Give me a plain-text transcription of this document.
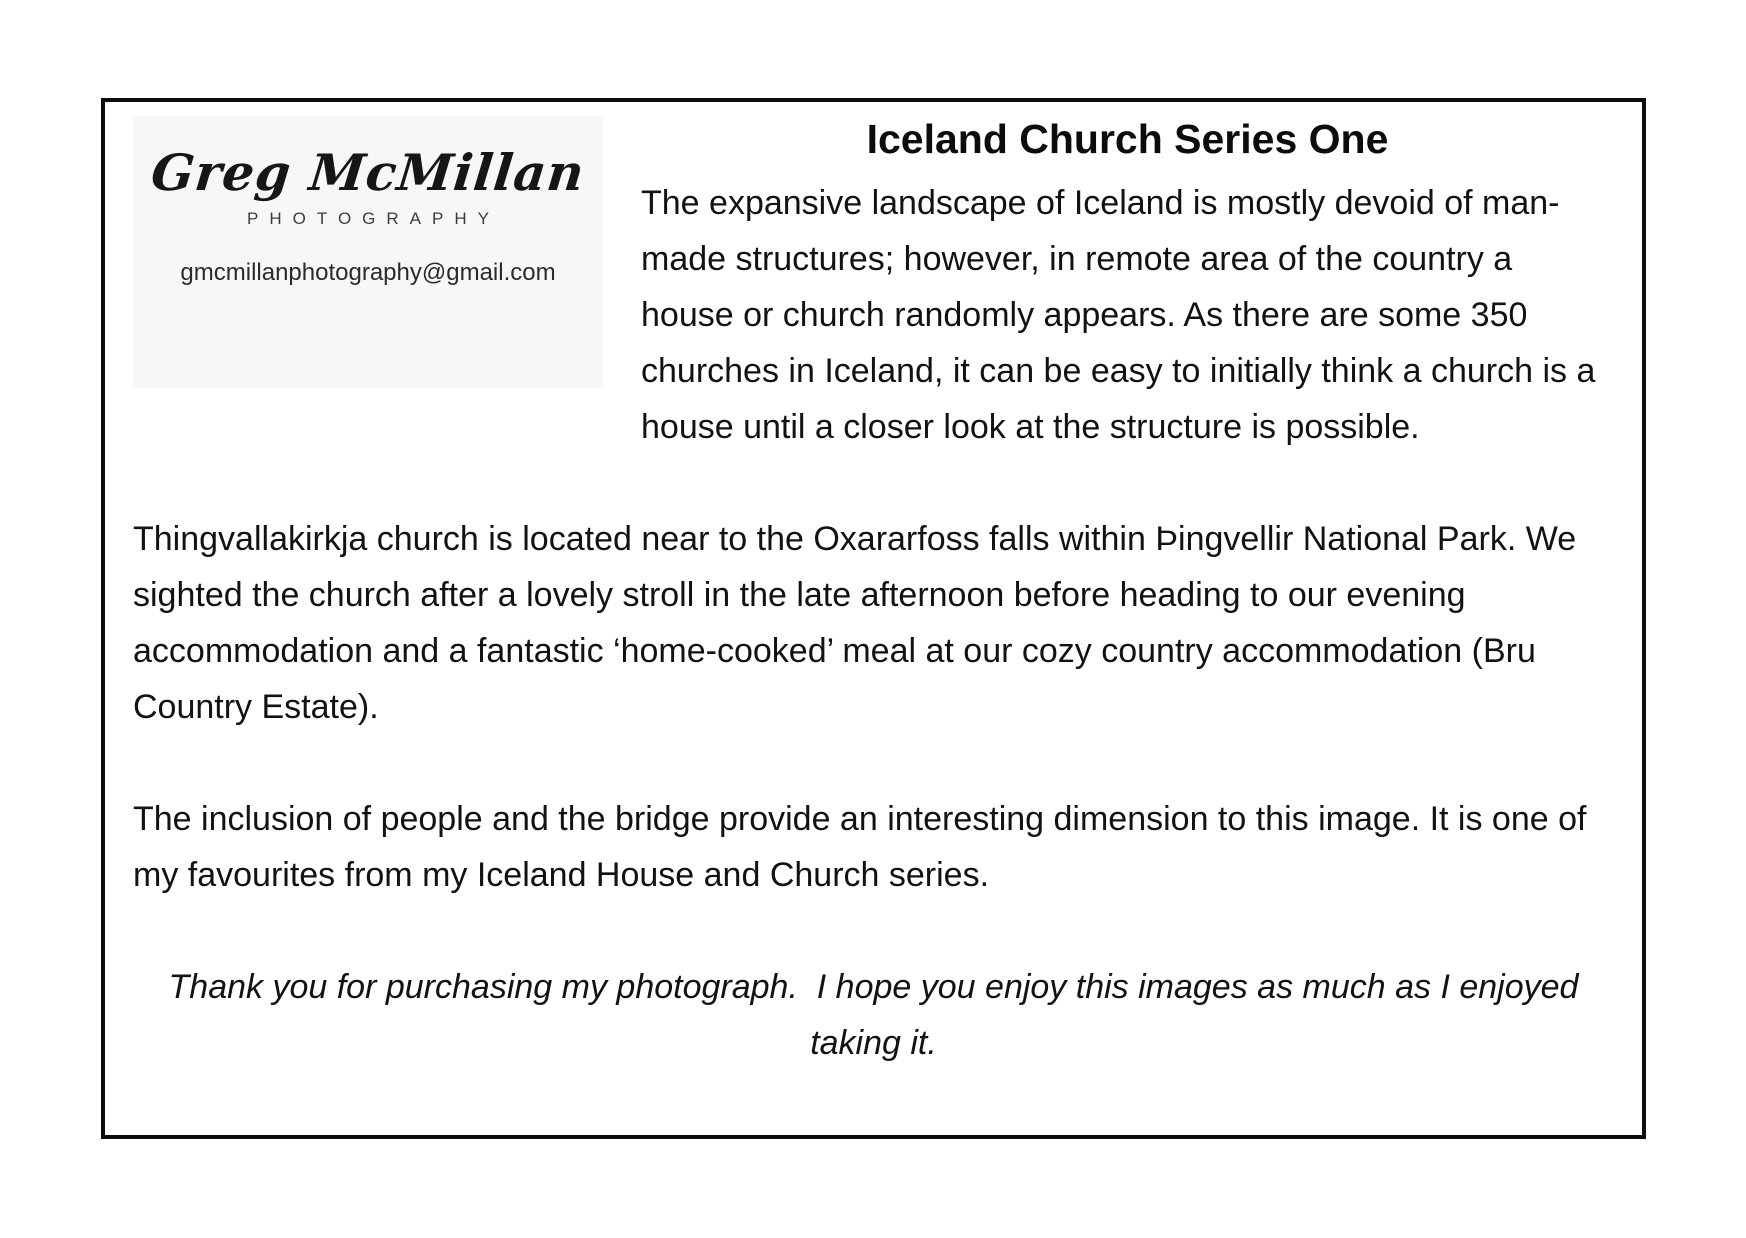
Greg McMillan
PHOTOGRAPHY
gmcmillanphotography@gmail.com
Iceland Church Series One

The expansive landscape of Iceland is mostly devoid of man-made structures; however, in remote area of the country a house or church randomly appears. As there are some 350 churches in Iceland, it can be easy to initially think a church is a house until a closer look at the structure is possible.

Thingvallakirkja church is located near to the Oxararfoss falls within Þingvellir National Park. We sighted the church after a lovely stroll in the late afternoon before heading to our evening accommodation and a fantastic ‘home-cooked’ meal at our cozy country accommodation (Bru Country Estate).

The inclusion of people and the bridge provide an interesting dimension to this image. It is one of my favourites from my Iceland House and Church series.

Thank you for purchasing my photograph.  I hope you enjoy this images as much as I enjoyed taking it.
